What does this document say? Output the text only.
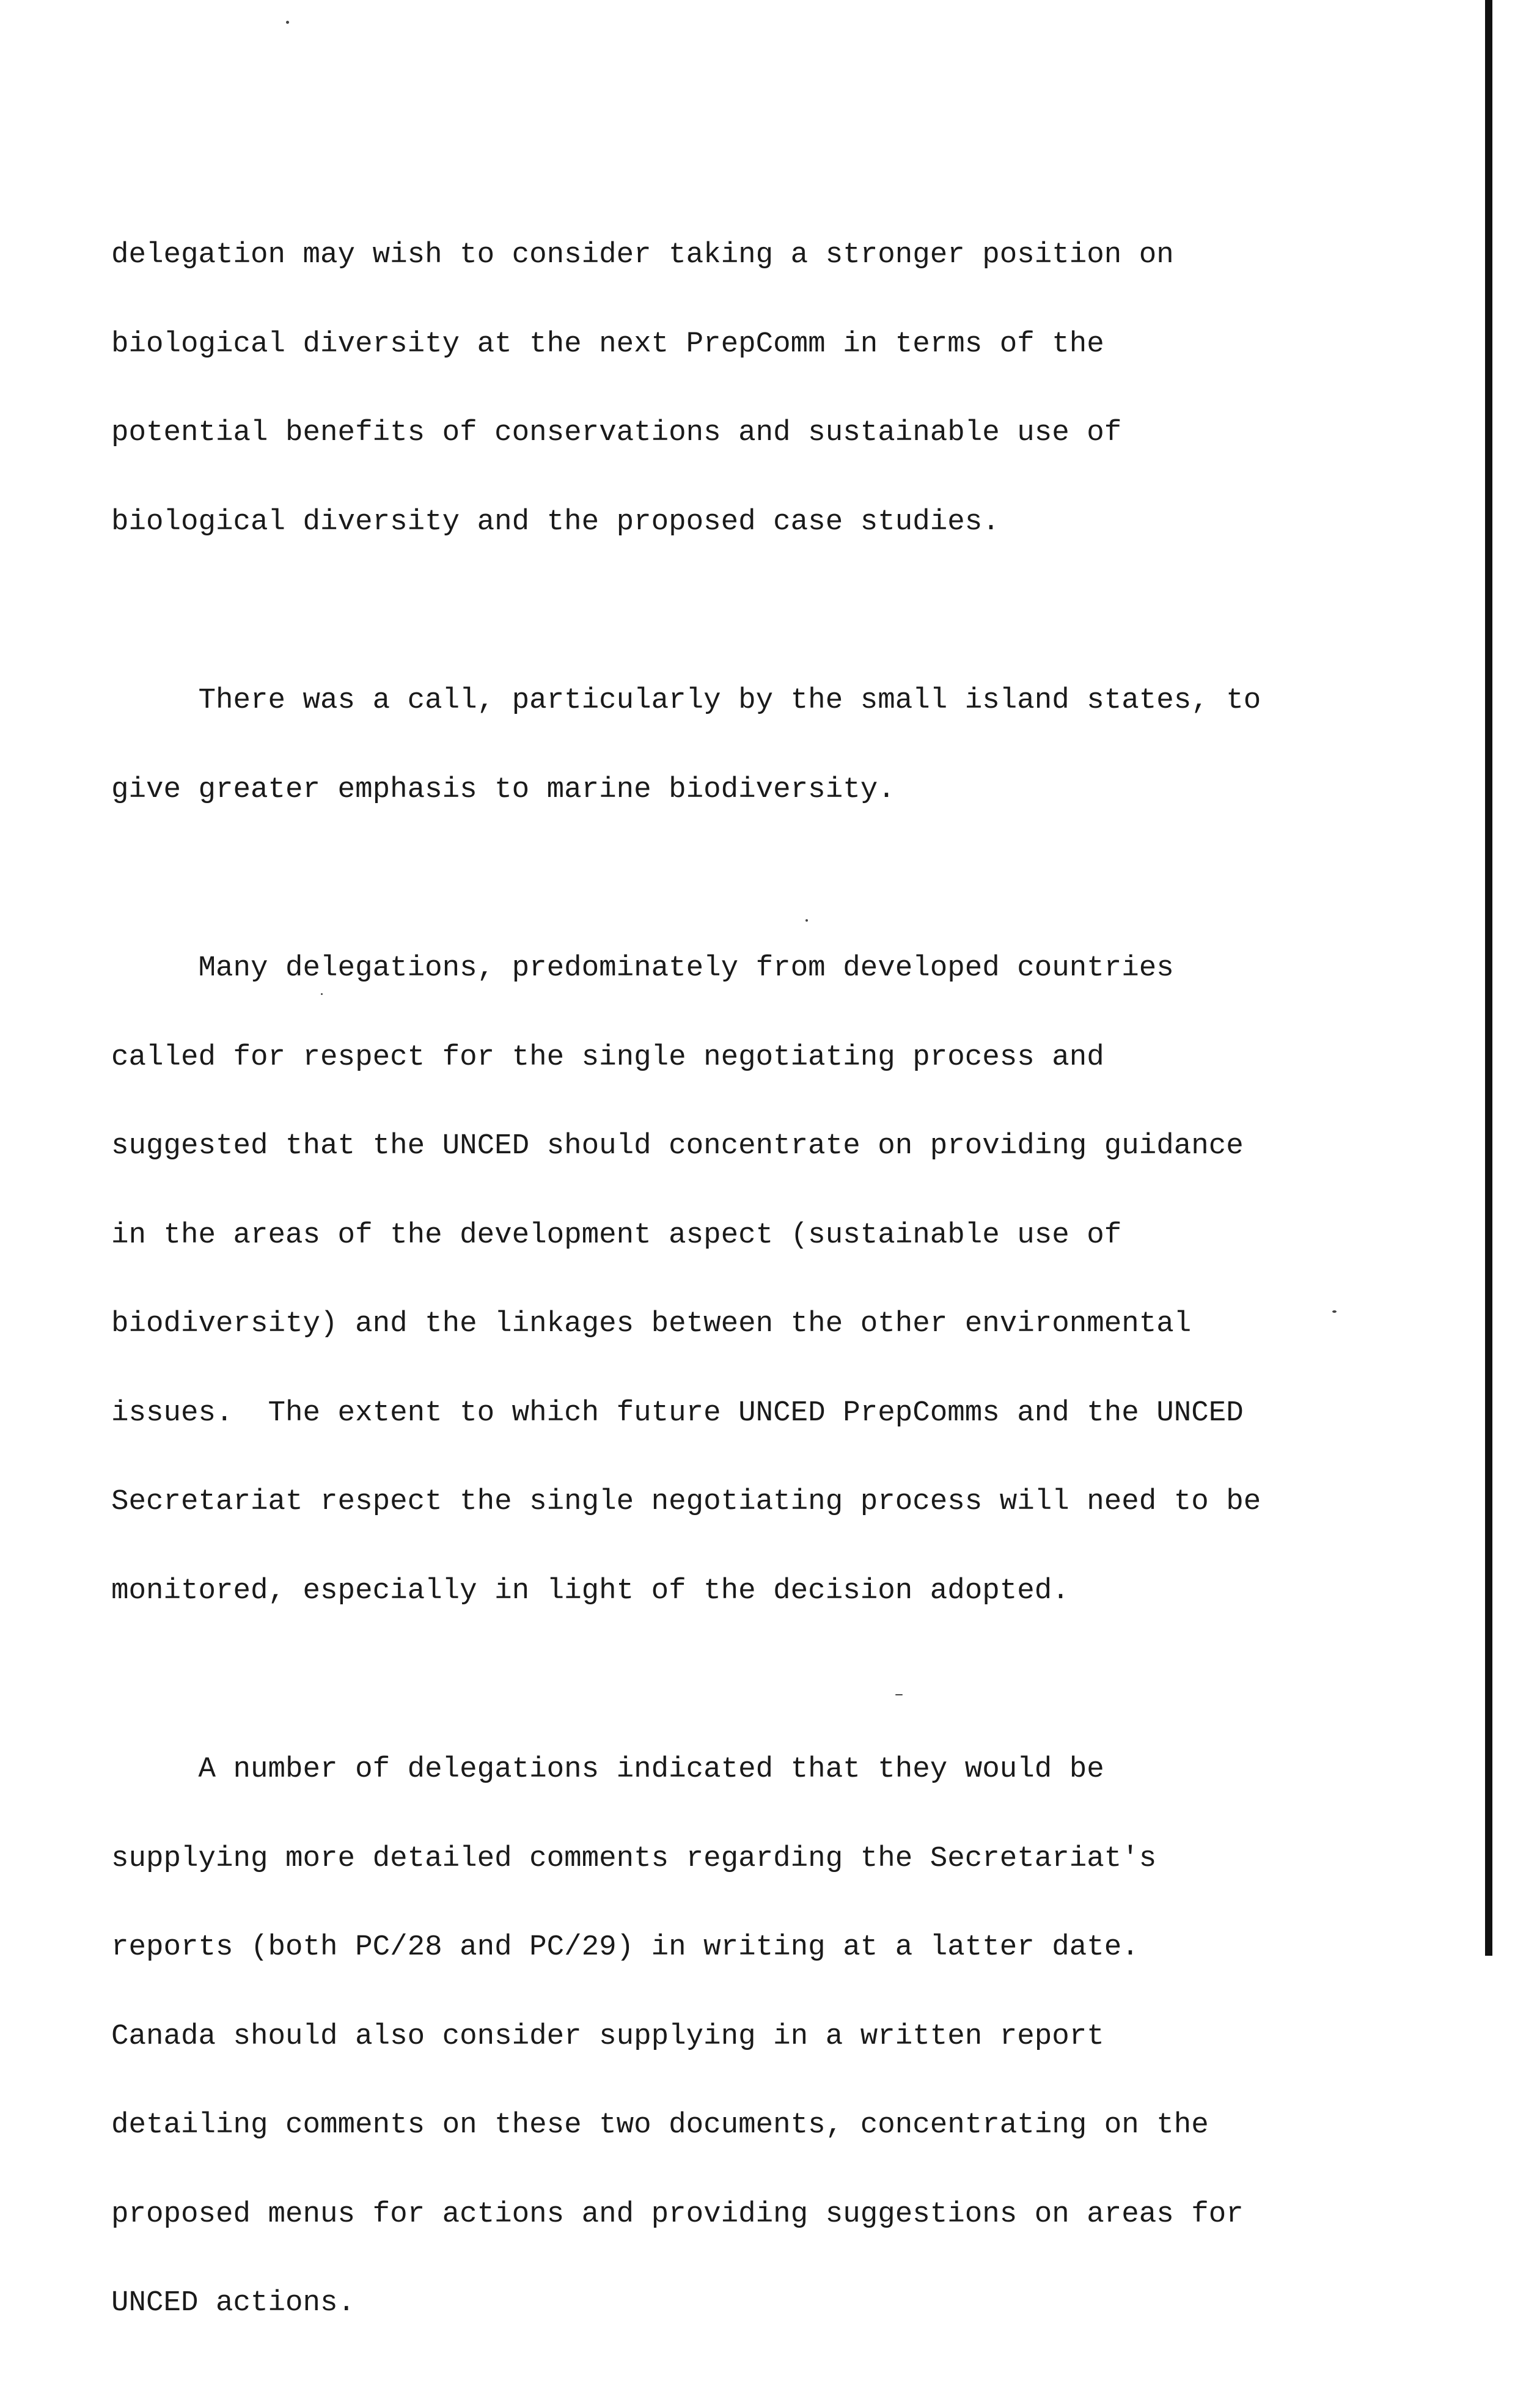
delegation may wish to consider taking a stronger position on

biological diversity at the next PrepComm in terms of the

potential benefits of conservations and sustainable use of

biological diversity and the proposed case studies.

There was a call, particularly by the small island states, to

give greater emphasis to marine biodiversity.

Many delegations, predominately from developed countries

called for respect for the single negotiating process and

suggested that the UNCED should concentrate on providing guidance

in the areas of the development aspect (sustainable use of

biodiversity) and the linkages between the other environmental

issues.  The extent to which future UNCED PrepComms and the UNCED

Secretariat respect the single negotiating process will need to be

monitored, especially in light of the decision adopted.

A number of delegations indicated that they would be

supplying more detailed comments regarding the Secretariat's

reports (both PC/28 and PC/29) in writing at a latter date.

Canada should also consider supplying in a written report

detailing comments on these two documents, concentrating on the

proposed menus for actions and providing suggestions on areas for

UNCED actions.
